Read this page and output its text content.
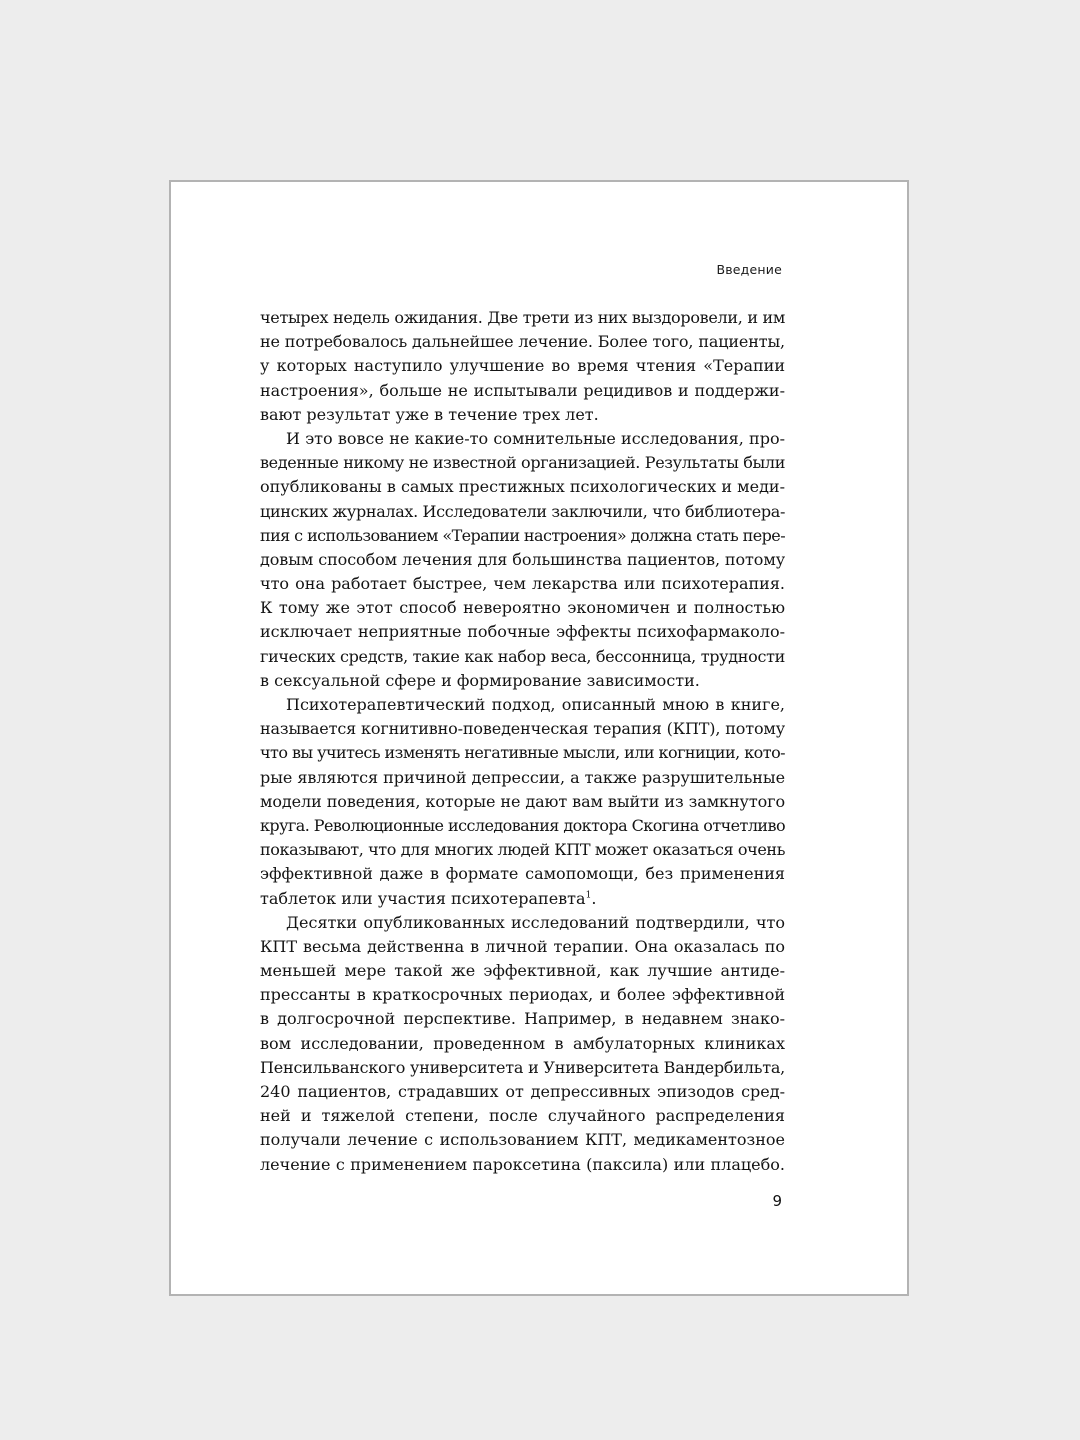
Введение
четырех недель ожидания. Две трети из них выздоровели, и им
не потребовалось дальнейшее лечение. Более того, пациенты,
у которых наступило улучшение во время чтения «Терапии
настроения», больше не испытывали рецидивов и поддержи-
вают результат уже в течение трех лет.
И это вовсе не какие-то сомнительные исследования, про-
веденные никому не известной организацией. Результаты были
опубликованы в самых престижных психологических и меди-
цинских журналах. Исследователи заключили, что библиотера-
пия с использованием «Терапии настроения» должна стать пере-
довым способом лечения для большинства пациентов, потому
что она работает быстрее, чем лекарства или психотерапия.
К тому же этот способ невероятно экономичен и полностью
исключает неприятные побочные эффекты психофармаколо-
гических средств, такие как набор веса, бессонница, трудности
в сексуальной сфере и формирование зависимости.
Психотерапевтический подход, описанный мною в книге,
называется когнитивно-поведенческая терапия (КПТ), потому
что вы учитесь изменять негативные мысли, или когниции, кото-
рые являются причиной депрессии, а также разрушительные
модели поведения, которые не дают вам выйти из замкнутого
круга. Революционные исследования доктора Скогина отчетливо
показывают, что для многих людей КПТ может оказаться очень
эффективной даже в формате самопомощи, без применения
таблеток или участия психотерапевта$^1$.
Десятки опубликованных исследований подтвердили, что
КПТ весьма действенна в личной терапии. Она оказалась по
меньшей мере такой же эффективной, как лучшие антиде-
прессанты в краткосрочных периодах, и более эффективной
в долгосрочной перспективе. Например, в недавнем знако-
вом исследовании, проведенном в амбулаторных клиниках
Пенсильванского университета и Университета Вандербильта,
240 пациентов, страдавших от депрессивных эпизодов сред-
ней и тяжелой степени, после случайного распределения
получали лечение с использованием КПТ, медикаментозное
лечение с применением пароксетина (паксила) или плацебо.
9
